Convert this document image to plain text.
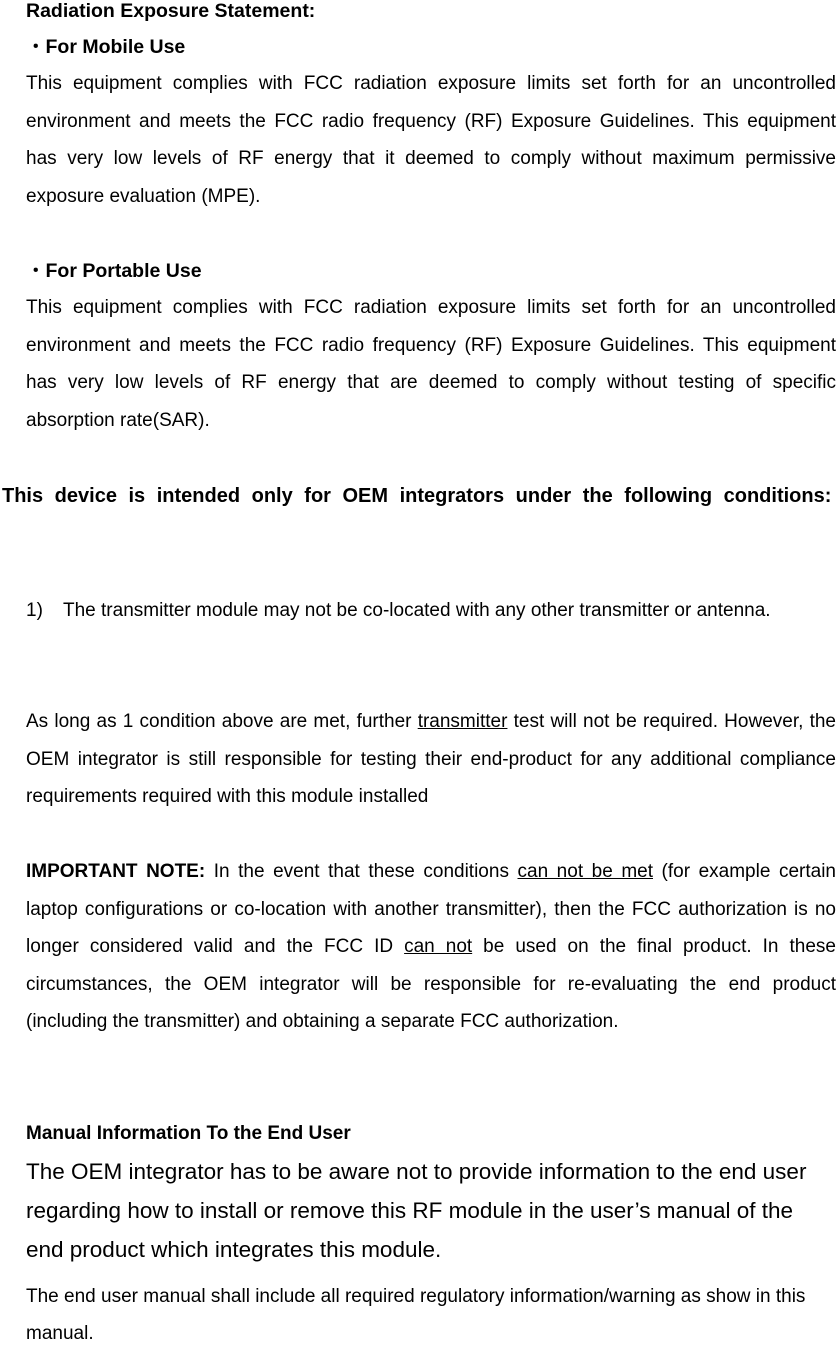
Radiation Exposure Statement:
・For Mobile Use

This equipment complies with FCC radiation exposure limits set forth for an uncontrolled environment and meets the FCC radio frequency (RF) Exposure Guidelines. This equipment has very low levels of RF energy that it deemed to comply without maximum permissive exposure evaluation (MPE).

・For Portable Use

This equipment complies with FCC radiation exposure limits set forth for an uncontrolled environment and meets the FCC radio frequency (RF) Exposure Guidelines. This equipment has very low levels of RF energy that are deemed to comply without testing of specific absorption rate(SAR).

This device is intended only for OEM integrators under the following conditions:

1) The transmitter module may not be co-located with any other transmitter or antenna.

As long as 1 condition above are met, further transmitter test will not be required. However, the OEM integrator is still responsible for testing their end-product for any additional compliance requirements required with this module installed

IMPORTANT NOTE: In the event that these conditions can not be met (for example certain laptop configurations or co-location with another transmitter), then the FCC authorization is no longer considered valid and the FCC ID can not be used on the final product. In these circumstances, the OEM integrator will be responsible for re-evaluating the end product (including the transmitter) and obtaining a separate FCC authorization.

Manual Information To the End User

The OEM integrator has to be aware not to provide information to the end user regarding how to install or remove this RF module in the user’s manual of the end product which integrates this module.

The end user manual shall include all required regulatory information/warning as show in this manual.
